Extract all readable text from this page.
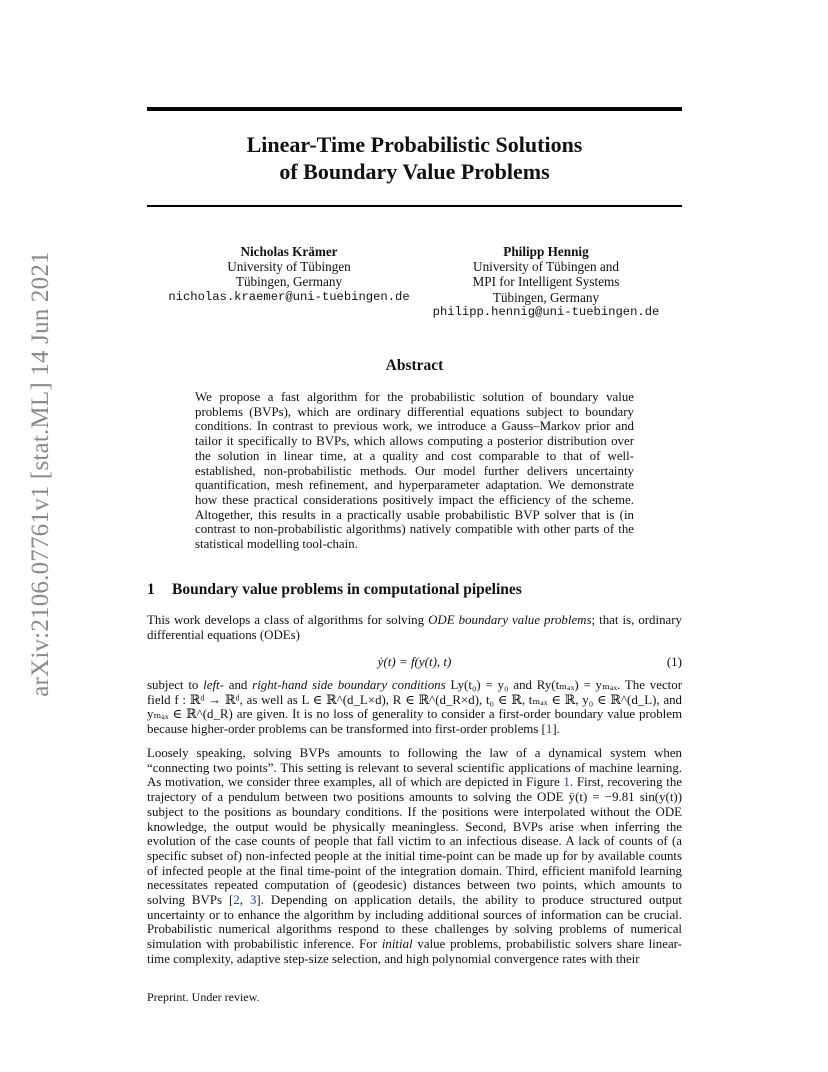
arXiv:2106.07761v1 [stat.ML] 14 Jun 2021
Linear-Time Probabilistic Solutions
of Boundary Value Problems
Nicholas Krämer
University of Tübingen
Tübingen, Germany
nicholas.kraemer@uni-tuebingen.de
Philipp Hennig
University of Tübingen and
MPI for Intelligent Systems
Tübingen, Germany
philipp.hennig@uni-tuebingen.de
Abstract
We propose a fast algorithm for the probabilistic solution of boundary value problems (BVPs), which are ordinary differential equations subject to boundary conditions. In contrast to previous work, we introduce a Gauss–Markov prior and tailor it specifically to BVPs, which allows computing a posterior distribution over the solution in linear time, at a quality and cost comparable to that of well-established, non-probabilistic methods. Our model further delivers uncertainty quantification, mesh refinement, and hyperparameter adaptation. We demonstrate how these practical considerations positively impact the efficiency of the scheme. Altogether, this results in a practically usable probabilistic BVP solver that is (in contrast to non-probabilistic algorithms) natively compatible with other parts of the statistical modelling tool-chain.
1 Boundary value problems in computational pipelines
This work develops a class of algorithms for solving ODE boundary value problems; that is, ordinary differential equations (ODEs)
ẏ(t) = f(y(t), t)	(1)
subject to left- and right-hand side boundary conditions Ly(t₀) = y₀ and Ry(tₘₐₓ) = yₘₐₓ. The vector field f : ℝᵈ → ℝᵈ, as well as L ∈ ℝ^(d_L×d), R ∈ ℝ^(d_R×d), t₀ ∈ ℝ, tₘₐₓ ∈ ℝ, y₀ ∈ ℝ^(d_L), and yₘₐₓ ∈ ℝ^(d_R) are given. It is no loss of generality to consider a first-order boundary value problem because higher-order problems can be transformed into first-order problems [1].
Loosely speaking, solving BVPs amounts to following the law of a dynamical system when “connecting two points”. This setting is relevant to several scientific applications of machine learning. As motivation, we consider three examples, all of which are depicted in Figure 1. First, recovering the trajectory of a pendulum between two positions amounts to solving the ODE ÿ(t) = −9.81 sin(y(t)) subject to the positions as boundary conditions. If the positions were interpolated without the ODE knowledge, the output would be physically meaningless. Second, BVPs arise when inferring the evolution of the case counts of people that fall victim to an infectious disease. A lack of counts of (a specific subset of) non-infected people at the initial time-point can be made up for by available counts of infected people at the final time-point of the integration domain. Third, efficient manifold learning necessitates repeated computation of (geodesic) distances between two points, which amounts to solving BVPs [2, 3]. Depending on application details, the ability to produce structured output uncertainty or to enhance the algorithm by including additional sources of information can be crucial. Probabilistic numerical algorithms respond to these challenges by solving problems of numerical simulation with probabilistic inference. For initial value problems, probabilistic solvers share linear-time complexity, adaptive step-size selection, and high polynomial convergence rates with their
Preprint. Under review.
